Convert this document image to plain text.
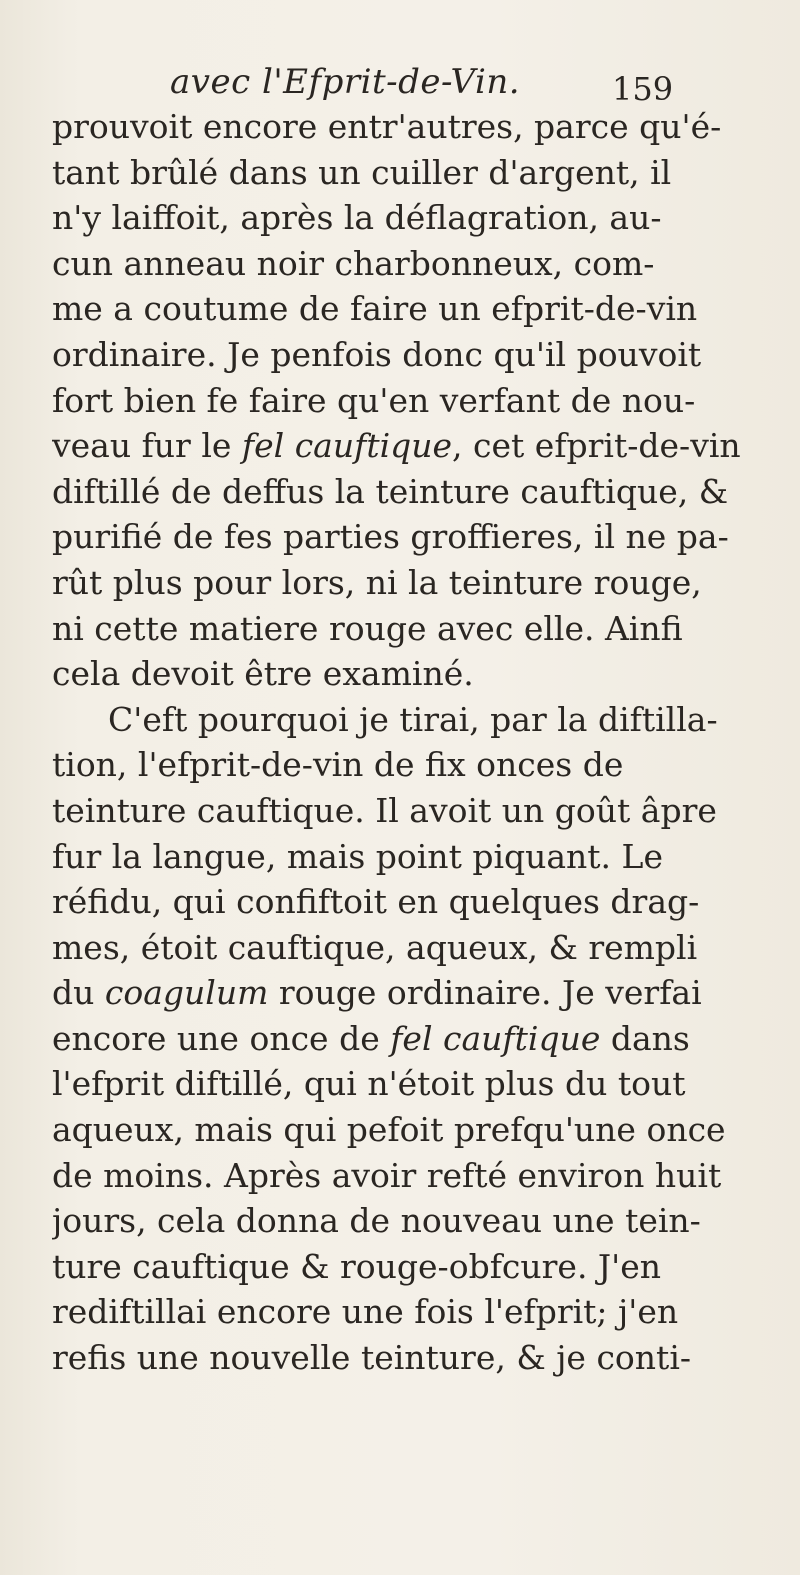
avec l'Efprit-de-Vin.	159
prouvoit encore entr'autres, parce qu'é-
tant brûlé dans un cuiller d'argent, il
n'y laiffoit, après la déflagration, au-
cun anneau noir charbonneux, com-
me a coutume de faire un efprit-de-vin
ordinaire. Je penfois donc qu'il pouvoit
fort bien fe faire qu'en verfant de nou-
veau fur le fel cauftique, cet efprit-de-vin
diftillé de deffus la teinture cauftique, &
purifié de fes parties groffieres, il ne pa-
rût plus pour lors, ni la teinture rouge,
ni cette matiere rouge avec elle. Ainfi
cela devoit être examiné.
C'eft pourquoi je tirai, par la diftilla-
tion, l'efprit-de-vin de fix onces de
teinture cauftique. Il avoit un goût âpre
fur la langue, mais point piquant. Le
réfidu, qui confiftoit en quelques drag-
mes, étoit cauftique, aqueux, & rempli
du coagulum rouge ordinaire. Je verfai
encore une once de fel cauftique dans
l'efprit diftillé, qui n'étoit plus du tout
aqueux, mais qui pefoit prefqu'une once
de moins. Après avoir refté environ huit
jours, cela donna de nouveau une tein-
ture cauftique & rouge-obfcure. J'en
rediftillai encore une fois l'efprit; j'en
refis une nouvelle teinture, & je conti-
